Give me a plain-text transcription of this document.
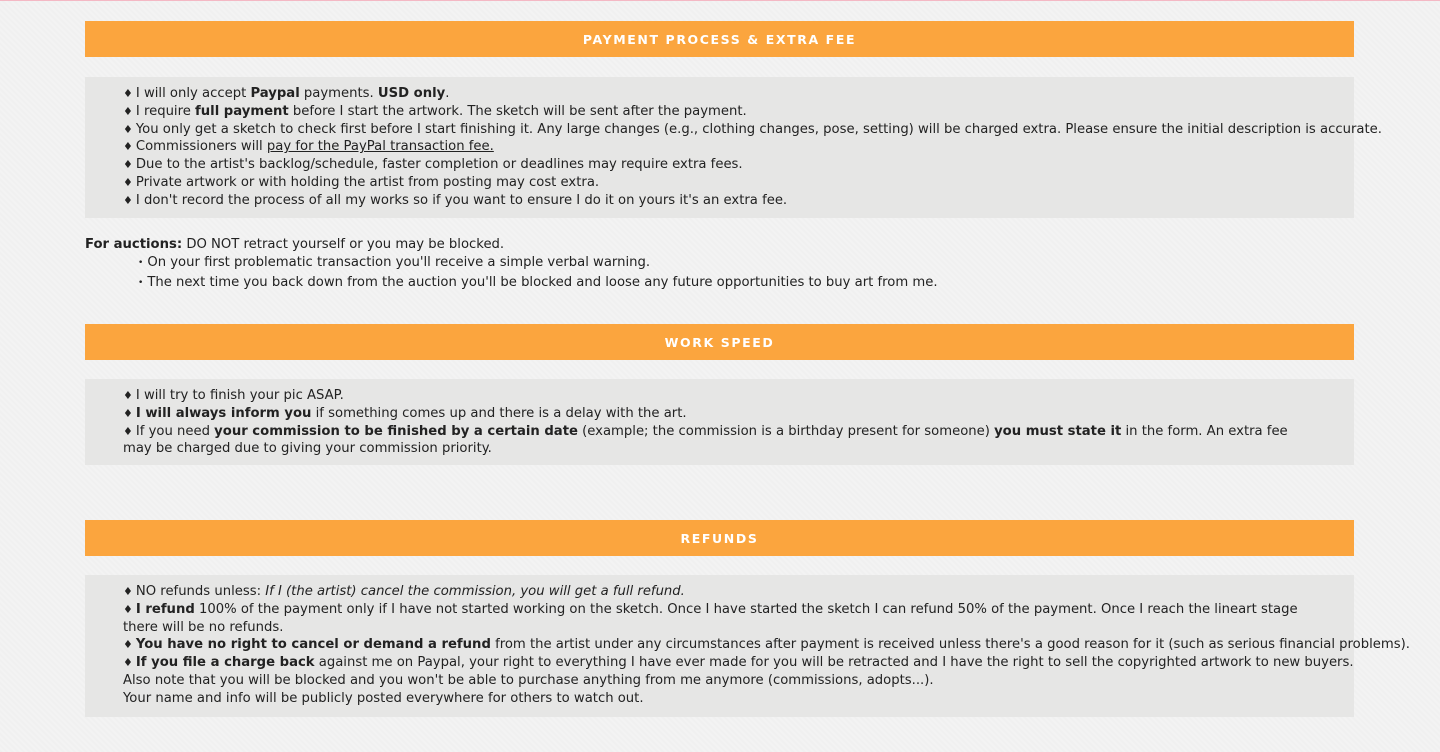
PAYMENT PROCESS & EXTRA FEE
♦ I will only accept Paypal payments. USD only.
♦ I require full payment before I start the artwork. The sketch will be sent after the payment.
♦ You only get a sketch to check first before I start finishing it. Any large changes (e.g., clothing changes, pose, setting) will be charged extra. Please ensure the initial description is accurate.
♦ Commissioners will pay for the PayPal transaction fee.
♦ Due to the artist's backlog/schedule, faster completion or deadlines may require extra fees.
♦ Private artwork or with holding the artist from posting may cost extra.
♦ I don't record the process of all my works so if you want to ensure I do it on yours it's an extra fee.
For auctions: DO NOT retract yourself or you may be blocked.
• On your first problematic transaction you'll receive a simple verbal warning.
• The next time you back down from the auction you'll be blocked and loose any future opportunities to buy art from me.
WORK SPEED
♦ I will try to finish your pic ASAP.
♦ I will always inform you if something comes up and there is a delay with the art.
♦ If you need your commission to be finished by a certain date (example; the commission is a birthday present for someone) you must state it in the form. An extra fee may be charged due to giving your commission priority.
REFUNDS
♦ NO refunds unless: If I (the artist) cancel the commission, you will get a full refund.
♦ I refund 100% of the payment only if I have not started working on the sketch. Once I have started the sketch I can refund 50% of the payment. Once I reach the lineart stage there will be no refunds.
♦ You have no right to cancel or demand a refund from the artist under any circumstances after payment is received unless there's a good reason for it (such as serious financial problems).
♦ If you file a charge back against me on Paypal, your right to everything I have ever made for you will be retracted and I have the right to sell the copyrighted artwork to new buyers.
Also note that you will be blocked and you won't be able to purchase anything from me anymore (commissions, adopts...).
Your name and info will be publicly posted everywhere for others to watch out.
